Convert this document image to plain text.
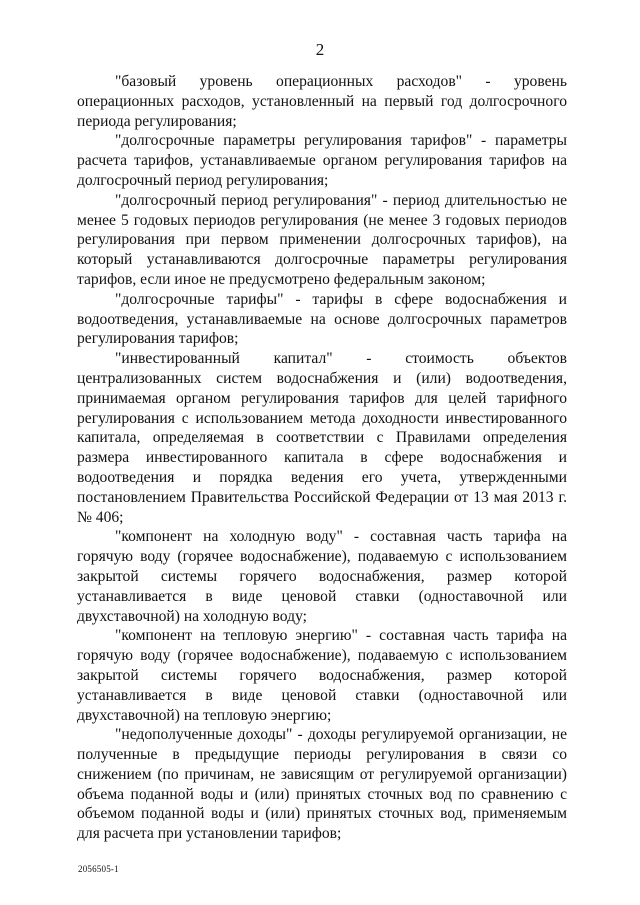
2

"базовый уровень операционных расходов" - уровень операционных расходов, установленный на первый год долгосрочного периода регулирования;

"долгосрочные параметры регулирования тарифов" - параметры расчета тарифов, устанавливаемые органом регулирования тарифов на долгосрочный период регулирования;

"долгосрочный период регулирования" - период длительностью не менее 5 годовых периодов регулирования (не менее 3 годовых периодов регулирования при первом применении долгосрочных тарифов), на который устанавливаются долгосрочные параметры регулирования тарифов, если иное не предусмотрено федеральным законом;

"долгосрочные тарифы" - тарифы в сфере водоснабжения и водоотведения, устанавливаемые на основе долгосрочных параметров регулирования тарифов;

"инвестированный капитал" - стоимость объектов централизованных систем водоснабжения и (или) водоотведения, принимаемая органом регулирования тарифов для целей тарифного регулирования с использованием метода доходности инвестированного капитала, определяемая в соответствии с Правилами определения размера инвестированного капитала в сфере водоснабжения и водоотведения и порядка ведения его учета, утвержденными постановлением Правительства Российской Федерации от 13 мая 2013 г. № 406;

"компонент на холодную воду" - составная часть тарифа на горячую воду (горячее водоснабжение), подаваемую с использованием закрытой системы горячего водоснабжения, размер которой устанавливается в виде ценовой ставки (одноставочной или двухставочной) на холодную воду;

"компонент на тепловую энергию" - составная часть тарифа на горячую воду (горячее водоснабжение), подаваемую с использованием закрытой системы горячего водоснабжения, размер которой устанавливается в виде ценовой ставки (одноставочной или двухставочной) на тепловую энергию;

"недополученные доходы" - доходы регулируемой организации, не полученные в предыдущие периоды регулирования в связи со снижением (по причинам, не зависящим от регулируемой организации) объема поданной воды и (или) принятых сточных вод по сравнению с объемом поданной воды и (или) принятых сточных вод, применяемым для расчета при установлении тарифов;

2056505-1
